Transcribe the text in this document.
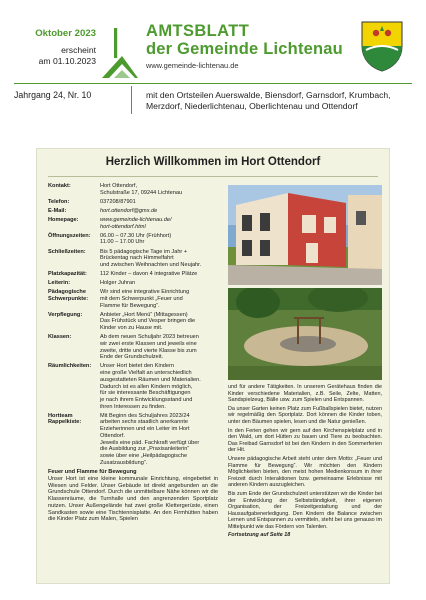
Oktober 2023
erscheint
am 01.10.2023
AMTSBLATT
der Gemeinde Lichtenau
www.gemeinde-lichtenau.de
Jahrgang 24, Nr. 10	mit den Ortsteilen Auerswalde, Biensdorf, Garnsdorf, Krumbach,
Merzdorf, Niederlichtenau, Oberlichtenau und Ottendorf
Herzlich Willkommen im Hort Ottendorf
Kontakt:	Hort Ottendorf,
Schulstraße 17, 09244 Lichtenau
Telefon:	037208/87901
E-Mail:	hort.ottendorf@gmx.de
Homepage:	www.gemeinde-lichtenau.de/
hort-ottendorf.html
Öffnungszeiten:	06.00 – 07.30 Uhr (Frühhort)
11.00 – 17.00 Uhr
Schließzeiten:	Bis 5 pädagogische Tage im Jahr +
Brückentag nach Himmelfahrt
und zwischen Weihnachten und Neujahr.
Platzkapazität:	112 Kinder – davon 4 integrative Plätze
Leiterin:	Holger Juhran
Pädagogische Schwerpunkte:
Wir sind eine integrative Einrichtung
mit dem Schwerpunkt „Feuer und
Flamme für Bewegung“.
Verpflegung:	Anbieter „Hort Menü“ (Mittagessen)
Das Frühstück und Vesper bringen die
Kinder von zu Hause mit.
Klassen:	Ab dem neuen Schuljahr 2023 betreuen
wir zwei erste Klassen und jeweils eine
zweite, dritte und vierte Klasse bis zum
Ende der Grundschulzeit.
Räumlichkeiten:	Unser Hort bietet den Kindern
eine große Vielfalt an unterschiedlich
ausgestatteten Räumen und Materialien.
Dadurch ist es allen Kindern möglich,
für sie interessante Beschäftigungen
je nach ihrem Entwicklungsstand und
ihren Interessen zu finden.
Hortteam Rappelkiste:
Mit Beginn des Schuljahres 2023/24
arbeiten sechs staatlich anerkannte
Erzieherinnen und ein Leiter im Hort
Ottendorf.
Jeweils eine päd. Fachkraft verfügt über
die Ausbildung zur „Praxisanleiterin“
sowie über eine „Heilpädagogische
Zusatzausbildung“.
Feuer und Flamme für Bewegung
Unser Hort ist eine kleine kommunale Einrichtung, eingebettet in Wiesen und Felder. Unser Gebäude ist direkt angebunden an die Grundschule Ottendorf. Durch die unmittelbare Nähe können wir die Klassenräume, die Turnhalle und den angrenzenden Sportplatz nutzen. Unser Außengelände hat zwei große Klettergerüste, einen Sandkasten sowie eine Tischtennisplatte. An den Firmhütten haben die Kinder Platz zum Malen, Spielen

und für andere Tätigkeiten. In unserem Gerätehaus finden die Kinder verschiedene Materialien, z.B. Seile, Zelte, Matten, Sandspielzeug, Bälle usw. zum Spielen und Entspannen.

Da unser Garten keinen Platz zum Fußballspielen bietet, nutzen wir regelmäßig den Sportplatz. Dort können die Kinder toben, unter den Bäumen spielen, lesen und die Natur genießen.

In den Ferien gehen wir gern auf den Kirchenspielplatz und in den Wald, um dort Hütten zu bauen und Tiere zu beobachten. Das Freibad Garnsdorf ist bei den Kindern in den Sommerferien der Hit.

Unsere pädagogische Arbeit steht unter dem Motto: „Feuer und Flamme für Bewegung“. Wir möchten den Kindern Möglichkeiten bieten, den meist hohen Medienkonsum in ihrer Freizeit durch Interaktionen bzw. gemeinsame Erlebnisse mit anderen Kindern auszugleichen.

Bis zum Ende der Grundschulzeit unterstützen wir die Kinder bei der Entwicklung der Selbstständigkeit, ihrer eigenen Organisation, der Freizeitgestaltung und der Hausaufgabenerledigung. Den Kindern die Balance zwischen Lernen und Entspannen zu vermitteln, steht bei uns genauso im Mittelpunkt wie das Fördern von Talenten.

Fortsetzung auf Seite 18
